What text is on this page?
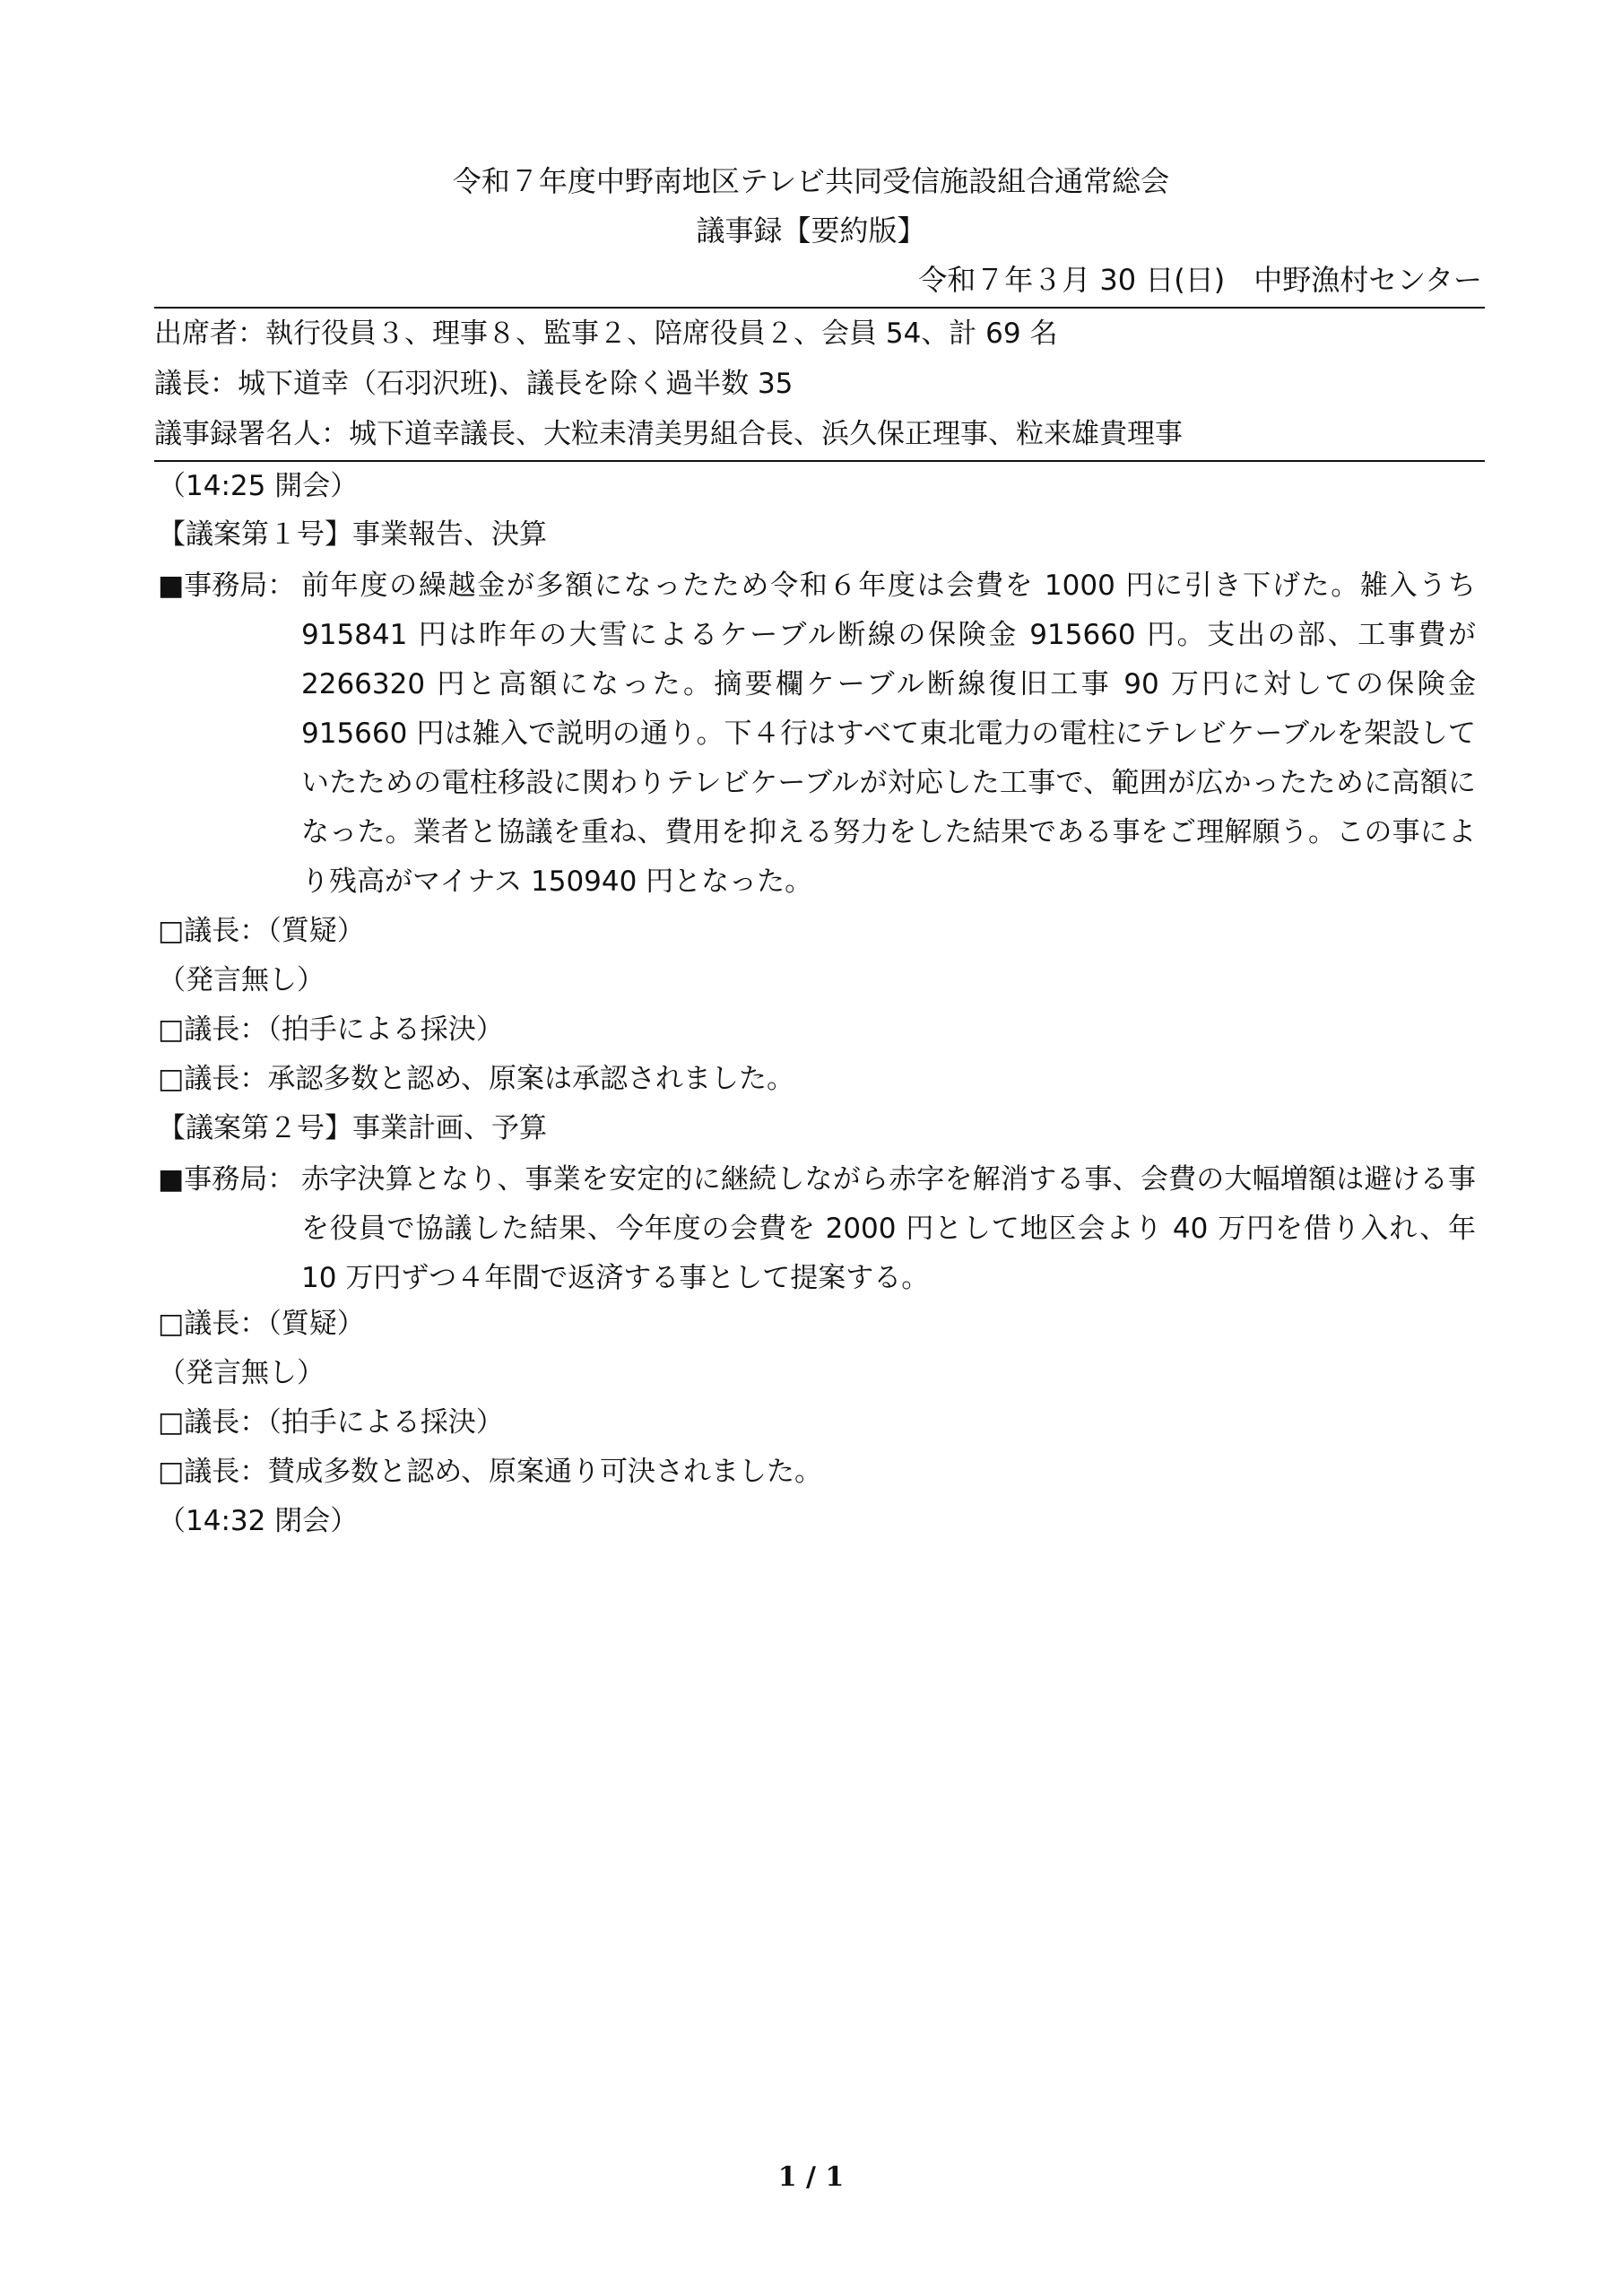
令和７年度中野南地区テレビ共同受信施設組合通常総会
議事録【要約版】
令和７年３月 30 日(日)　中野漁村センター
出席者：執行役員３、理事８、監事２、陪席役員２、会員 54、計 69 名
議長：城下道幸（石羽沢班)、議長を除く過半数 35
議事録署名人：城下道幸議長、大粒耒清美男組合長、浜久保正理事、粒来雄貴理事
（14:25 開会）
【議案第１号】事業報告、決算
■事務局： 前年度の繰越金が多額になったため令和６年度は会費を 1000 円に引き下げた。雑入うち 915841 円は昨年の大雪によるケーブル断線の保険金 915660 円。支出の部、工事費が 2266320 円と高額になった。摘要欄ケーブル断線復旧工事 90 万円に対しての保険金 915660 円は雑入で説明の通り。下４行はすべて東北電力の電柱にテレビケーブルを架設していたための電柱移設に関わりテレビケーブルが対応した工事で、範囲が広かったために高額になった。業者と協議を重ね、費用を抑える努力をした結果である事をご理解願う。この事により残高がマイナス 150940 円となった。
□議長：（質疑）
（発言無し）
□議長：（拍手による採決）
□議長：承認多数と認め、原案は承認されました。
【議案第２号】事業計画、予算
■事務局： 赤字決算となり、事業を安定的に継続しながら赤字を解消する事、会費の大幅増額は避ける事を役員で協議した結果、今年度の会費を 2000 円として地区会より 40 万円を借り入れ、年 10 万円ずつ４年間で返済する事として提案する。
□議長：（質疑）
（発言無し）
□議長：（拍手による採決）
□議長：賛成多数と認め、原案通り可決されました。
（14:32 閉会）
1 / 1
